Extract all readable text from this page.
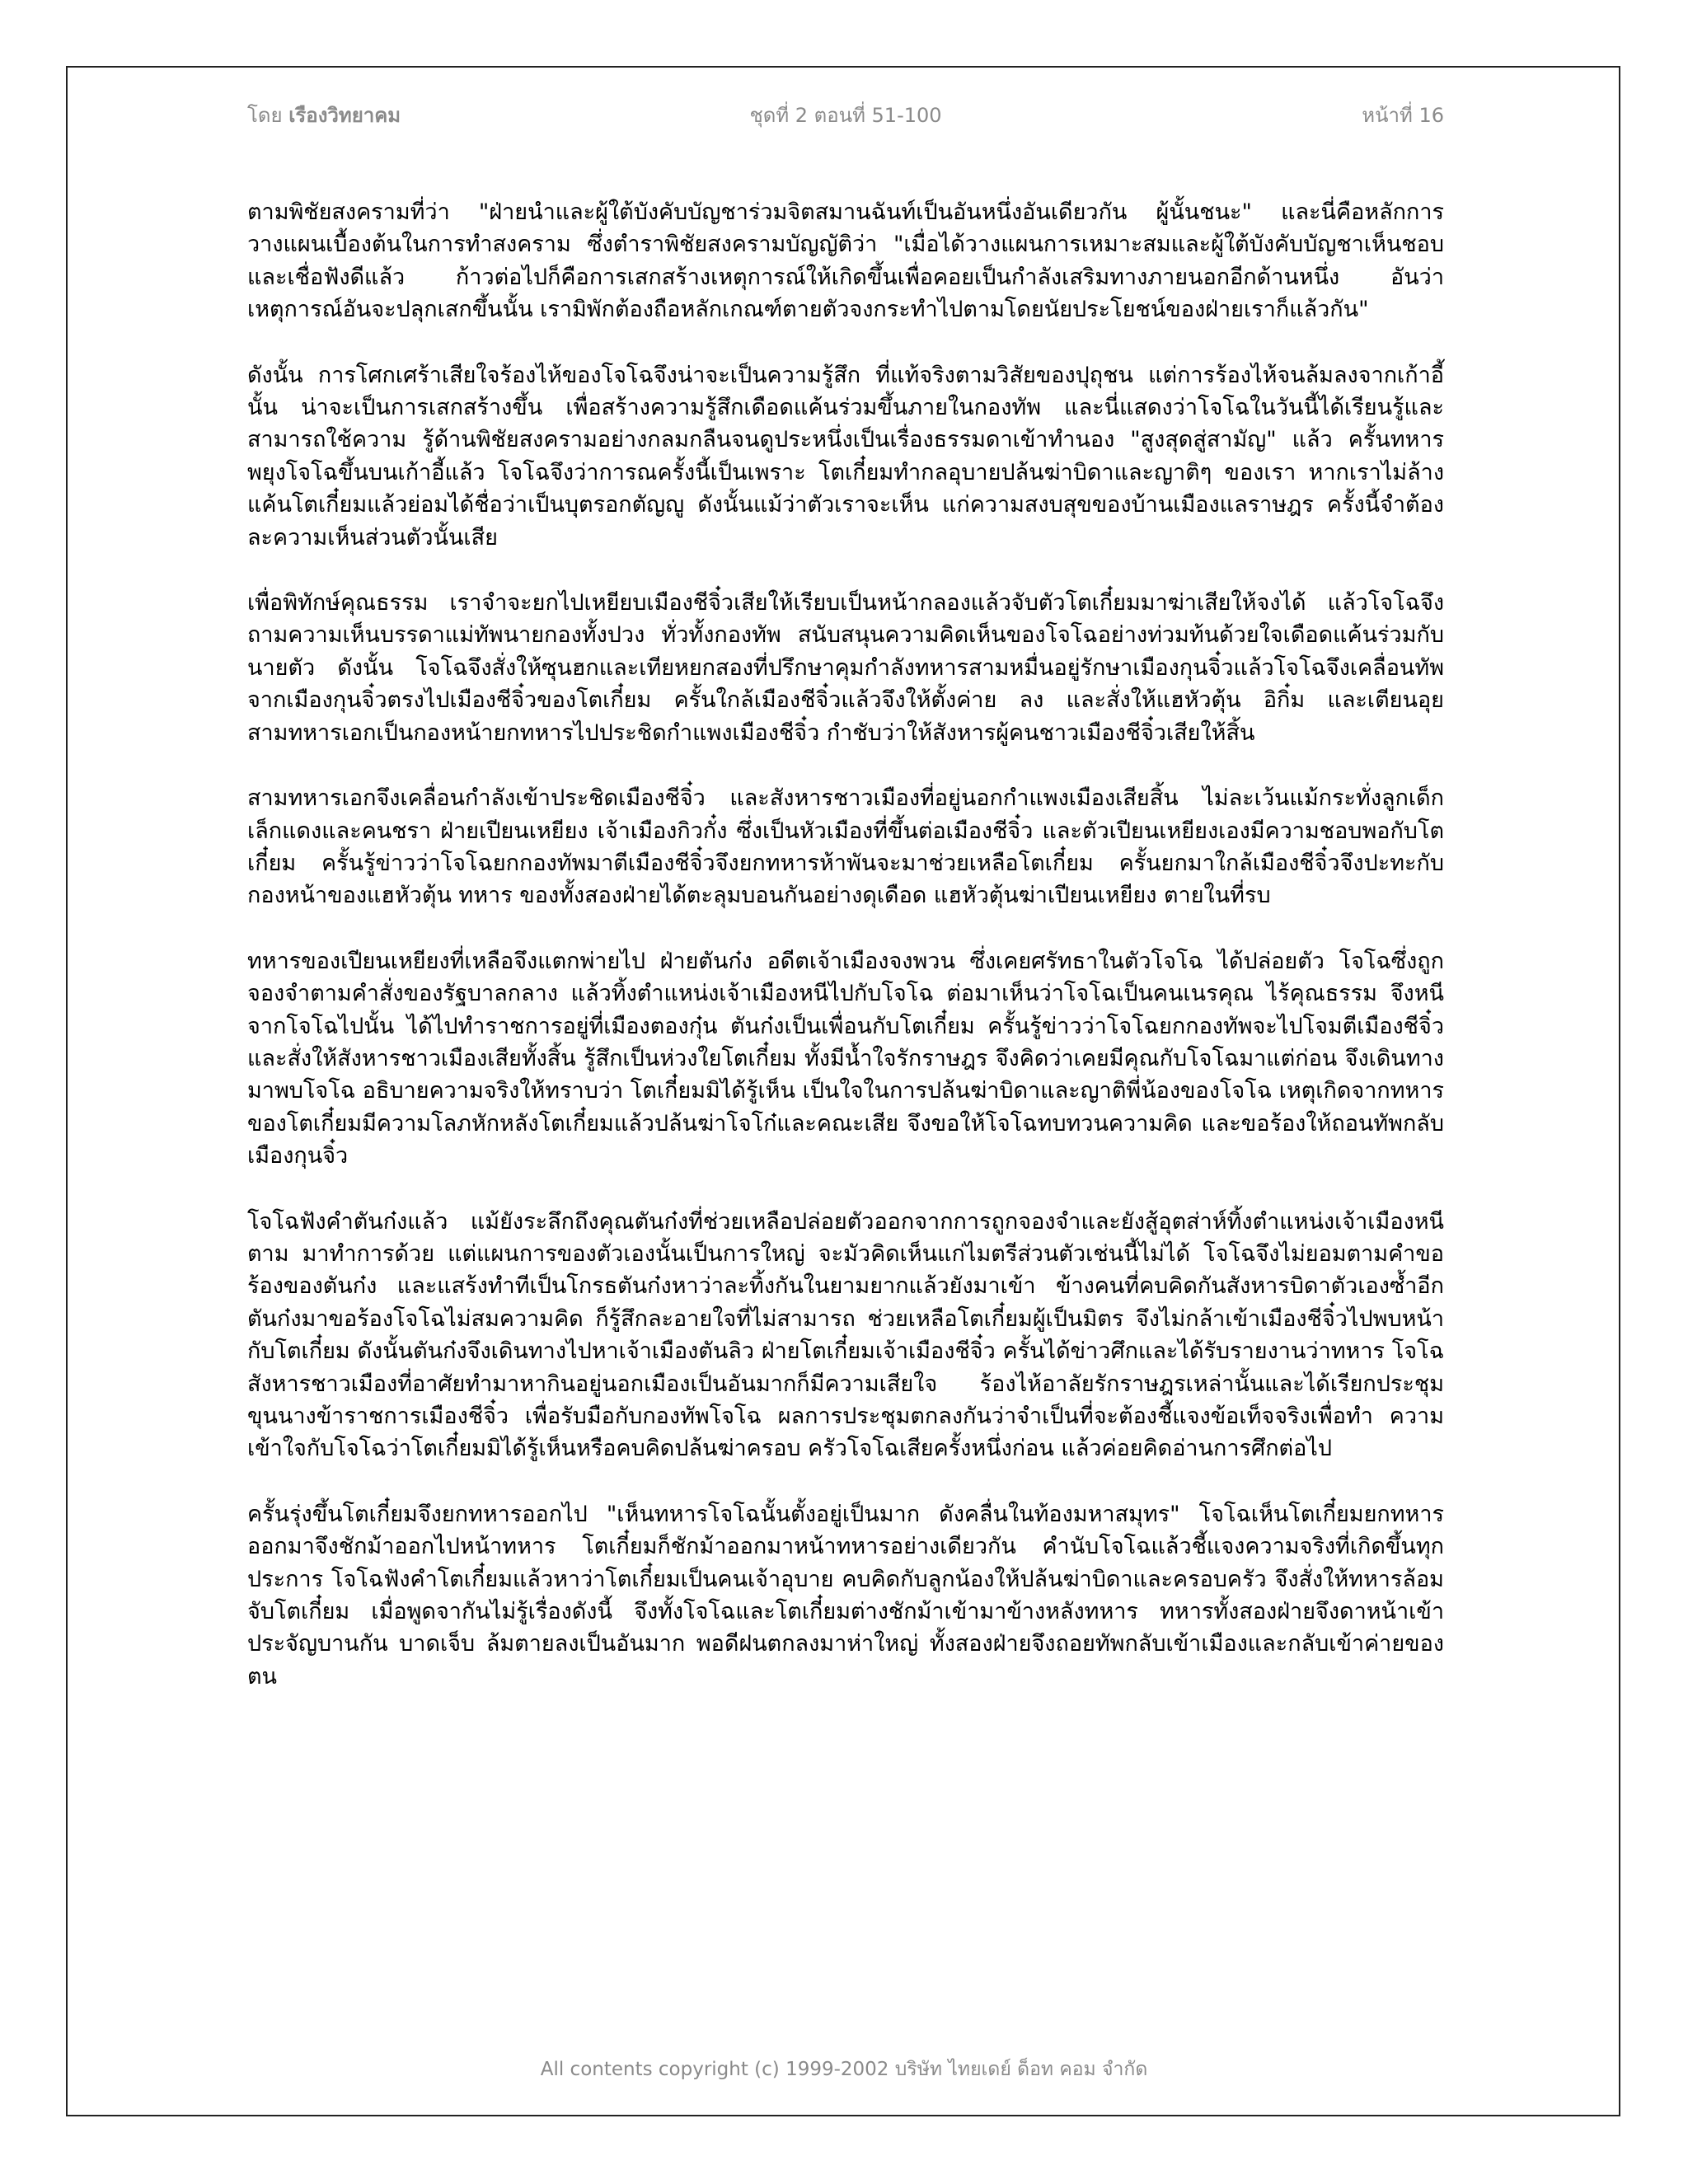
โดย เรืองวิทยาคม	ชุดที่ 2 ตอนที่ 51-100	หน้าที่ 16

ตามพิชัยสงครามที่ว่า "ฝ่ายนำและผู้ใต้บังคับบัญชาร่วมจิตสมานฉันท์เป็นอันหนึ่งอันเดียวกัน ผู้นั้นชนะ" และนี่คือหลักการวางแผนเบื้องต้นในการทำสงคราม ซึ่งตำราพิชัยสงครามบัญญัติว่า "เมื่อได้วางแผนการเหมาะสมและผู้ใต้บังคับบัญชาเห็นชอบและเชื่อฟังดีแล้ว ก้าวต่อไปก็คือการเสกสร้างเหตุการณ์ให้เกิดขึ้นเพื่อคอยเป็นกำลังเสริมทางภายนอกอีกด้านหนึ่ง อันว่าเหตุการณ์อันจะปลุกเสกขึ้นนั้น เรามิพักต้องถือหลักเกณฑ์ตายตัวจงกระทำไปตามโดยนัยประโยชน์ของฝ่ายเราก็แล้วกัน"

ดังนั้น การโศกเศร้าเสียใจร้องไห้ของโจโฉจึงน่าจะเป็นความรู้สึก ที่แท้จริงตามวิสัยของปุถุชน แต่การร้องไห้จนล้มลงจากเก้าอี้นั้น น่าจะเป็นการเสกสร้างขึ้น เพื่อสร้างความรู้สึกเดือดแค้นร่วมขึ้นภายในกองทัพ และนี่แสดงว่าโจโฉในวันนี้ได้เรียนรู้และสามารถใช้ความ รู้ด้านพิชัยสงครามอย่างกลมกลืนจนดูประหนึ่งเป็นเรื่องธรรมดาเข้าทำนอง "สูงสุดสู่สามัญ" แล้ว ครั้นทหารพยุงโจโฉขึ้นบนเก้าอี้แล้ว โจโฉจึงว่าการณครั้งนี้เป็นเพราะ โตเกี๋ยมทำกลอุบายปล้นฆ่าบิดาและญาติๆ ของเรา หากเราไม่ล้างแค้นโตเกี๋ยมแล้วย่อมได้ชื่อว่าเป็นบุตรอกตัญญู ดังนั้นแม้ว่าตัวเราจะเห็น แก่ความสงบสุขของบ้านเมืองแลราษฎร ครั้งนี้จำต้องละความเห็นส่วนตัวนั้นเสีย

เพื่อพิทักษ์คุณธรรม เราจำจะยกไปเหยียบเมืองชีจิ๋วเสียให้เรียบเป็นหน้ากลองแล้วจับตัวโตเกี๋ยมมาฆ่าเสียให้จงได้ แล้วโจโฉจึงถามความเห็นบรรดาแม่ทัพนายกองทั้งปวง ทั่วทั้งกองทัพ สนับสนุนความคิดเห็นของโจโฉอย่างท่วมท้นด้วยใจเดือดแค้นร่วมกับนายตัว ดังนั้น โจโฉจึงสั่งให้ซุนฮกและเทียหยกสองที่ปรึกษาคุมกำลังทหารสามหมื่นอยู่รักษาเมืองกุนจิ๋วแล้วโจโฉจึงเคลื่อนทัพจากเมืองกุนจิ๋วตรงไปเมืองชีจิ๋วของโตเกี๋ยม ครั้นใกล้เมืองชีจิ๋วแล้วจึงให้ตั้งค่าย ลง และสั่งให้แฮหัวตุ้น อิกิ๋ม และเตียนอุย สามทหารเอกเป็นกองหน้ายกทหารไปประชิดกำแพงเมืองชีจิ๋ว กำชับว่าให้สังหารผู้คนชาวเมืองชีจิ๋วเสียให้สิ้น

สามทหารเอกจึงเคลื่อนกำลังเข้าประชิดเมืองชีจิ๋ว และสังหารชาวเมืองที่อยู่นอกกำแพงเมืองเสียสิ้น ไม่ละเว้นแม้กระทั่งลูกเด็กเล็กแดงและคนชรา ฝ่ายเปียนเหยียง เจ้าเมืองกิวกั๋ง ซึ่งเป็นหัวเมืองที่ขึ้นต่อเมืองชีจิ๋ว และตัวเปียนเหยียงเองมีความชอบพอกับโตเกี๋ยม ครั้นรู้ข่าวว่าโจโฉยกกองทัพมาตีเมืองชีจิ๋วจึงยกทหารห้าพันจะมาช่วยเหลือโตเกี๋ยม ครั้นยกมาใกล้เมืองชีจิ๋วจึงปะทะกับกองหน้าของแฮหัวตุ้น ทหาร ของทั้งสองฝ่ายได้ตะลุมบอนกันอย่างดุเดือด แฮหัวตุ้นฆ่าเปียนเหยียง ตายในที่รบ

ทหารของเปียนเหยียงที่เหลือจึงแตกพ่ายไป ฝ่ายตันก๋ง อดีตเจ้าเมืองจงพวน ซึ่งเคยศรัทธาในตัวโจโฉ ได้ปล่อยตัว โจโฉซึ่งถูกจองจำตามคำสั่งของรัฐบาลกลาง แล้วทิ้งตำแหน่งเจ้าเมืองหนีไปกับโจโฉ ต่อมาเห็นว่าโจโฉเป็นคนเนรคุณ ไร้คุณธรรม จึงหนีจากโจโฉไปนั้น ได้ไปทำราชการอยู่ที่เมืองตองกุ๋น ตันก๋งเป็นเพื่อนกับโตเกี๋ยม ครั้นรู้ข่าวว่าโจโฉยกกองทัพจะไปโจมตีเมืองชีจิ๋วและสั่งให้สังหารชาวเมืองเสียทั้งสิ้น รู้สึกเป็นห่วงใยโตเกี๋ยม ทั้งมีน้ำใจรักราษฎร จึงคิดว่าเคยมีคุณกับโจโฉมาแต่ก่อน จึงเดินทางมาพบโจโฉ อธิบายความจริงให้ทราบว่า โตเกี๋ยมมิได้รู้เห็น เป็นใจในการปล้นฆ่าบิดาและญาติพี่น้องของโจโฉ เหตุเกิดจากทหาร ของโตเกี๋ยมมีความโลภหักหลังโตเกี๋ยมแล้วปล้นฆ่าโจโก๋และคณะเสีย จึงขอให้โจโฉทบทวนความคิด และขอร้องให้ถอนทัพกลับเมืองกุนจิ๋ว

โจโฉฟังคำตันก๋งแล้ว แม้ยังระลึกถึงคุณตันก๋งที่ช่วยเหลือปล่อยตัวออกจากการถูกจองจำและยังสู้อุตส่าห์ทิ้งตำแหน่งเจ้าเมืองหนีตาม มาทำการด้วย แต่แผนการของตัวเองนั้นเป็นการใหญ่ จะมัวคิดเห็นแก่ไมตรีส่วนตัวเช่นนี้ไม่ได้ โจโฉจึงไม่ยอมตามคำขอร้องของตันก๋ง และแสร้งทำทีเป็นโกรธตันก๋งหาว่าละทิ้งกันในยามยากแล้วยังมาเข้า ข้างคนที่คบคิดกันสังหารบิดาตัวเองซ้ำอีก ตันก๋งมาขอร้องโจโฉไม่สมความคิด ก็รู้สึกละอายใจที่ไม่สามารถ ช่วยเหลือโตเกี๋ยมผู้เป็นมิตร จึงไม่กล้าเข้าเมืองชีจิ๋วไปพบหน้ากับโตเกี๋ยม ดังนั้นตันก๋งจึงเดินทางไปหาเจ้าเมืองตันลิว ฝ่ายโตเกี๋ยมเจ้าเมืองชีจิ๋ว ครั้นได้ข่าวศึกและได้รับรายงานว่าทหาร โจโฉสังหารชาวเมืองที่อาศัยทำมาหากินอยู่นอกเมืองเป็นอันมากก็มีความเสียใจ ร้องไห้อาลัยรักราษฎรเหล่านั้นและได้เรียกประชุมขุนนางข้าราชการเมืองชีจิ๋ว เพื่อรับมือกับกองทัพโจโฉ ผลการประชุมตกลงกันว่าจำเป็นที่จะต้องชี้แจงข้อเท็จจริงเพื่อทำ ความเข้าใจกับโจโฉว่าโตเกี๋ยมมิได้รู้เห็นหรือคบคิดปล้นฆ่าครอบ ครัวโจโฉเสียครั้งหนึ่งก่อน แล้วค่อยคิดอ่านการศึกต่อไป

ครั้นรุ่งขึ้นโตเกี๋ยมจึงยกทหารออกไป "เห็นทหารโจโฉนั้นตั้งอยู่เป็นมาก ดังคลื่นในท้องมหาสมุทร" โจโฉเห็นโตเกี๋ยมยกทหารออกมาจึงชักม้าออกไปหน้าทหาร โตเกี๋ยมก็ชักม้าออกมาหน้าทหารอย่างเดียวกัน คำนับโจโฉแล้วชี้แจงความจริงที่เกิดขึ้นทุกประการ โจโฉฟังคำโตเกี๋ยมแล้วหาว่าโตเกี๋ยมเป็นคนเจ้าอุบาย คบคิดกับลูกน้องให้ปล้นฆ่าบิดาและครอบครัว จึงสั่งให้ทหารล้อมจับโตเกี๋ยม เมื่อพูดจากันไม่รู้เรื่องดังนี้ จึงทั้งโจโฉและโตเกี๋ยมต่างชักม้าเข้ามาข้างหลังทหาร ทหารทั้งสองฝ่ายจึงดาหน้าเข้าประจัญบานกัน บาดเจ็บ ล้มตายลงเป็นอันมาก พอดีฝนตกลงมาห่าใหญ่ ทั้งสองฝ่ายจึงถอยทัพกลับเข้าเมืองและกลับเข้าค่ายของตน

All contents copyright (c) 1999-2002 บริษัท ไทยเดย์ ด็อท คอม จำกัด
